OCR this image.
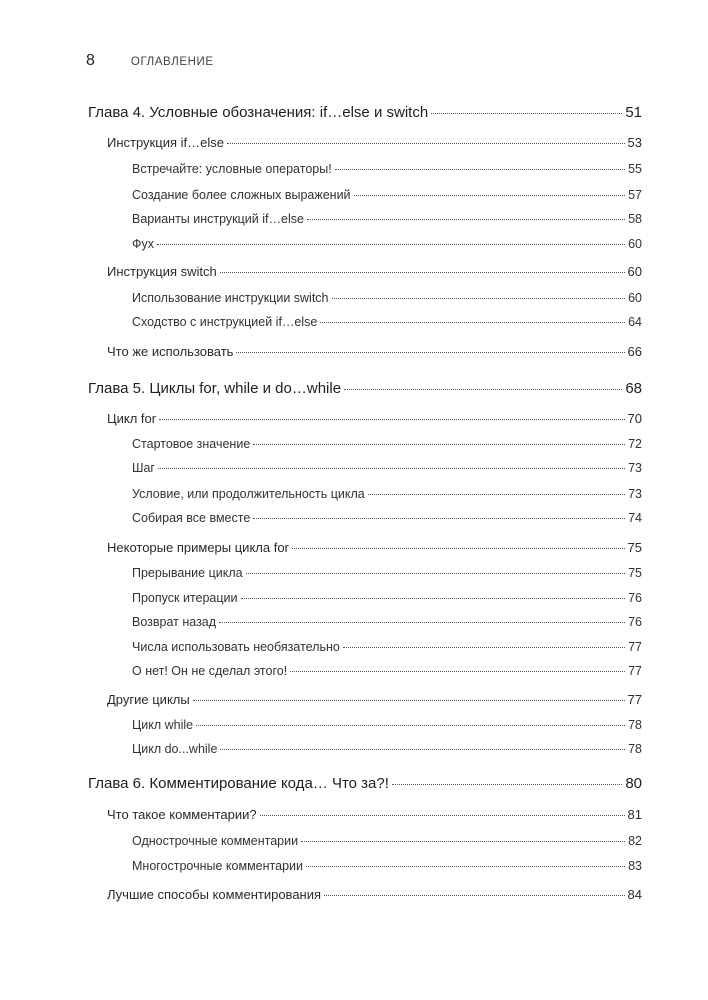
8	ОГЛАВЛЕНИЕ
Глава 4. Условные обозначения: if…else и switch	51
Инструкция if…else	53
Встречайте: условные операторы!	55
Создание более сложных выражений	57
Варианты инструкций if…else	58
Фух	60
Инструкция switch	60
Использование инструкции switch	60
Сходство с инструкцией if…else	64
Что же использовать	66
Глава 5. Циклы for, while и do…while	68
Цикл for	70
Стартовое значение	72
Шаг	73
Условие, или продолжительность цикла	73
Собирая все вместе	74
Некоторые примеры цикла for	75
Прерывание цикла	75
Пропуск итерации	76
Возврат назад	76
Числа использовать необязательно	77
О нет! Он не сделал этого!	77
Другие циклы	77
Цикл while	78
Цикл do...while	78
Глава 6. Комментирование кода… Что за?!	80
Что такое комментарии?	81
Однострочные комментарии	82
Многострочные комментарии	83
Лучшие способы комментирования	84
